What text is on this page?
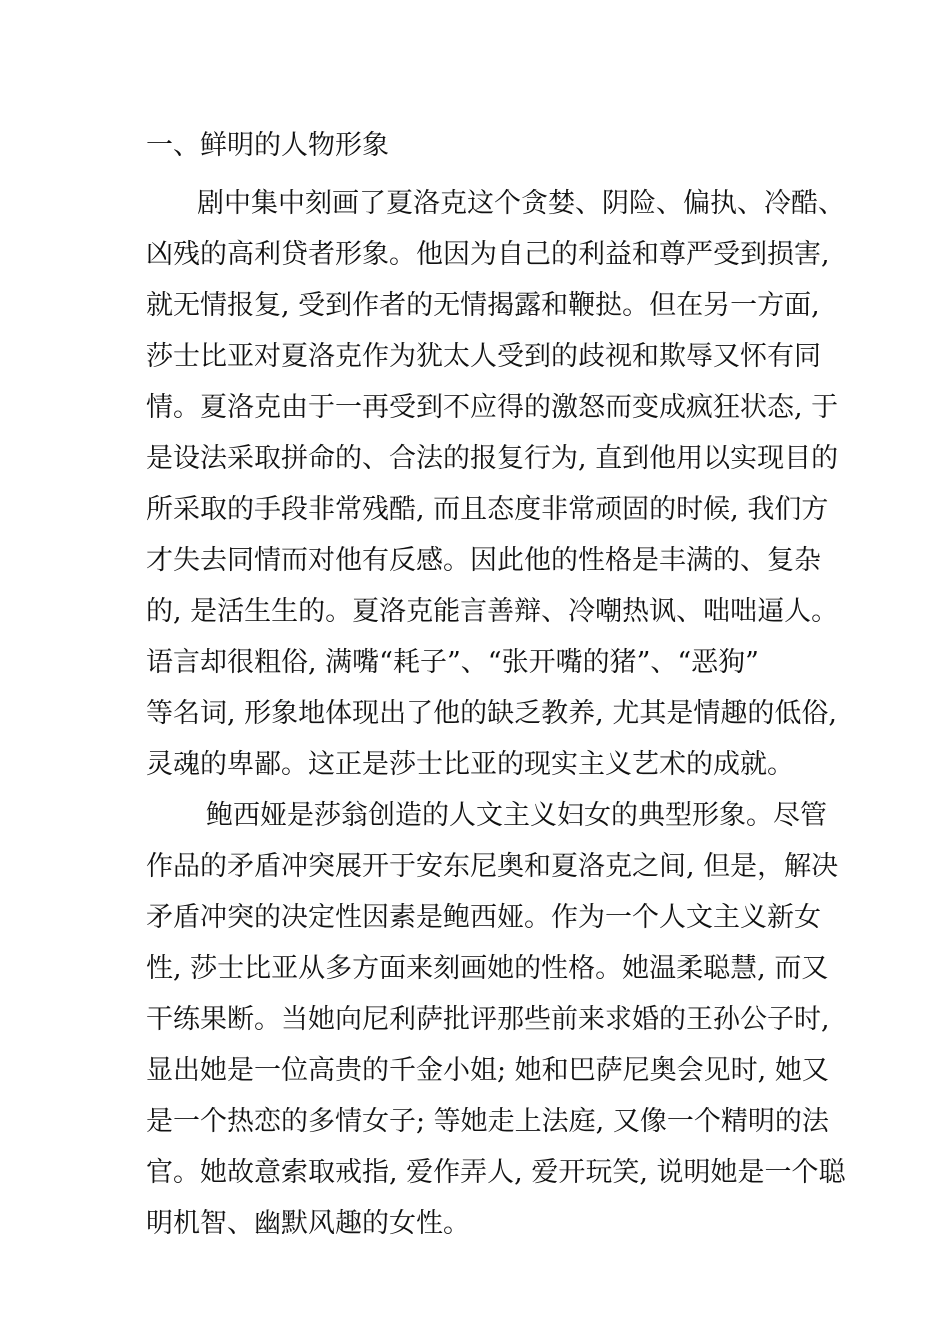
一、鲜明的人物形象
剧中集中刻画了夏洛克这个贪婪、阴险、偏执、冷酷、
凶残的高利贷者形象。他因为自己的利益和尊严受到损害,
就无情报复, 受到作者的无情揭露和鞭挞。但在另一方面,
莎士比亚对夏洛克作为犹太人受到的歧视和欺辱又怀有同
情。夏洛克由于一再受到不应得的激怒而变成疯狂状态, 于
是设法采取拼命的、合法的报复行为, 直到他用以实现目的
所采取的手段非常残酷, 而且态度非常顽固的时候, 我们方
才失去同情而对他有反感。因此他的性格是丰满的、复杂
的, 是活生生的。夏洛克能言善辩、冷嘲热讽、咄咄逼人。
语言却很粗俗, 满嘴“耗子”、“张开嘴的猪”、“恶狗”
等名词, 形象地体现出了他的缺乏教养, 尤其是情趣的低俗,
灵魂的卑鄙。这正是莎士比亚的现实主义艺术的成就。
鲍西娅是莎翁创造的人文主义妇女的典型形象。尽管
作品的矛盾冲突展开于安东尼奥和夏洛克之间, 但是，解决
矛盾冲突的决定性因素是鲍西娅。作为一个人文主义新女
性, 莎士比亚从多方面来刻画她的性格。她温柔聪慧, 而又
干练果断。当她向尼利萨批评那些前来求婚的王孙公子时,
显出她是一位高贵的千金小姐; 她和巴萨尼奥会见时, 她又
是一个热恋的多情女子; 等她走上法庭, 又像一个精明的法
官。她故意索取戒指, 爱作弄人, 爱开玩笑, 说明她是一个聪
明机智、幽默风趣的女性。
